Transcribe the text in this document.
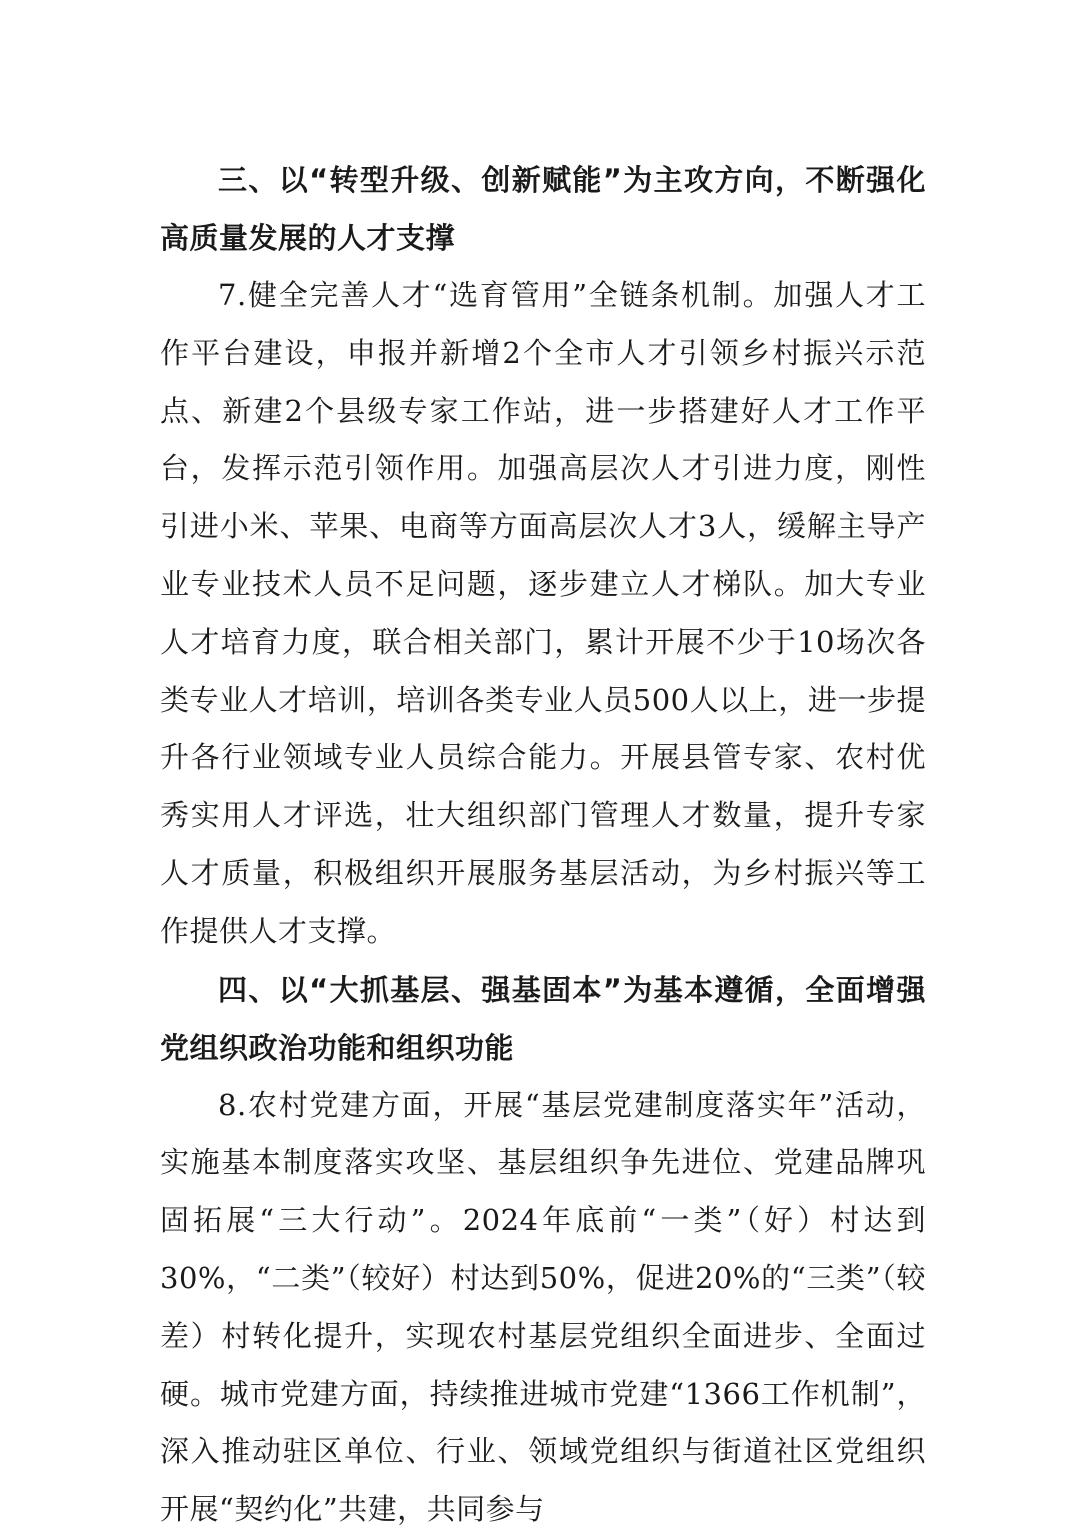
三、以“转型升级、创新赋能”为主攻方向，不断强化高质量发展的人才支撑

7.健全完善人才“选育管用”全链条机制。加强人才工作平台建设，申报并新增2个全市人才引领乡村振兴示范点、新建2个县级专家工作站，进一步搭建好人才工作平台，发挥示范引领作用。加强高层次人才引进力度，刚性引进小米、苹果、电商等方面高层次人才3人，缓解主导产业专业技术人员不足问题，逐步建立人才梯队。加大专业人才培育力度，联合相关部门，累计开展不少于10场次各类专业人才培训，培训各类专业人员500人以上，进一步提升各行业领域专业人员综合能力。开展县管专家、农村优秀实用人才评选，壮大组织部门管理人才数量，提升专家人才质量，积极组织开展服务基层活动，为乡村振兴等工作提供人才支撑。

四、以“大抓基层、强基固本”为基本遵循，全面增强党组织政治功能和组织功能

8.农村党建方面，开展“基层党建制度落实年”活动，实施基本制度落实攻坚、基层组织争先进位、党建品牌巩固拓展“三大行动”。2024年底前“一类”（好）村达到30%，“二类”（较好）村达到50%，促进20%的“三类”（较差）村转化提升，实现农村基层党组织全面进步、全面过硬。城市党建方面，持续推进城市党建“1366工作机制”，深入推动驻区单位、行业、领域党组织与街道社区党组织开展“契约化”共建，共同参与
